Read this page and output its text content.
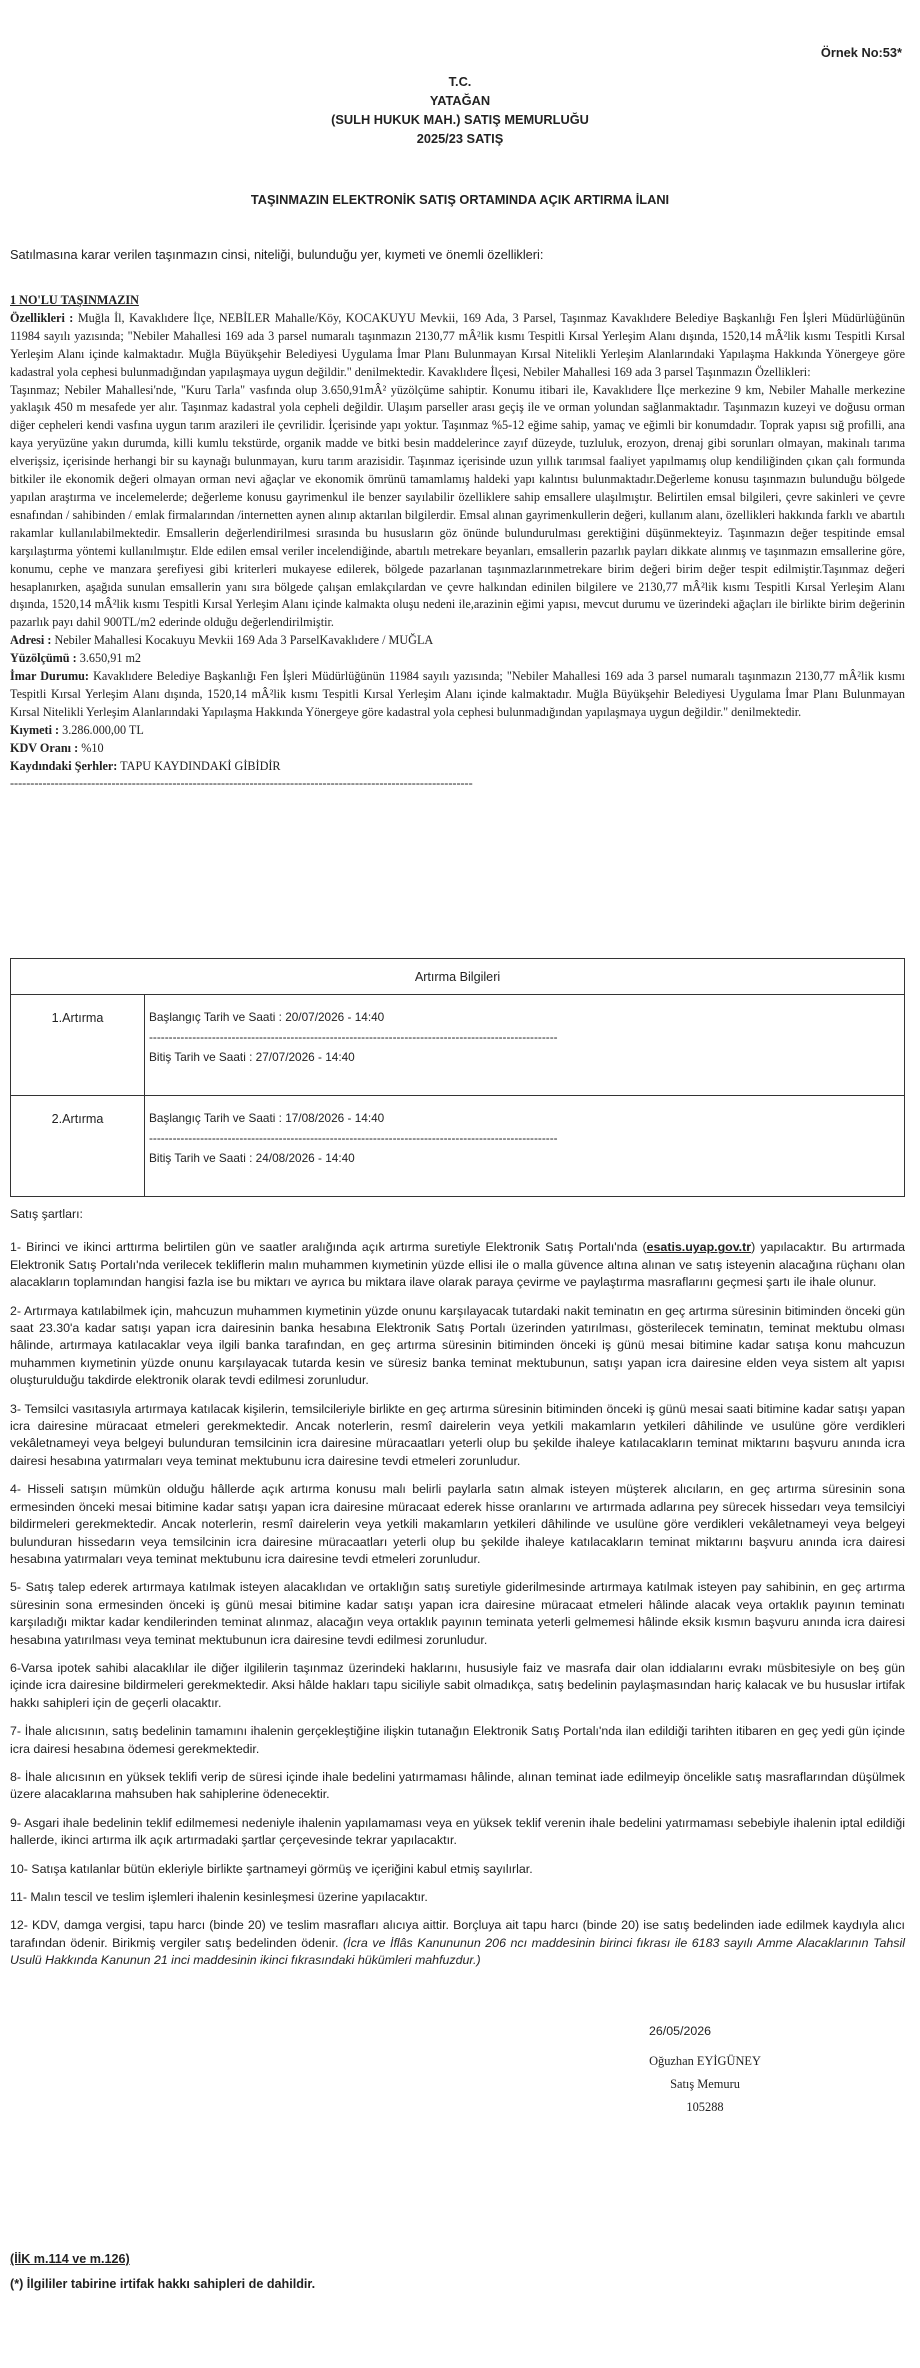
Örnek No:53*
T.C.
YATAĞAN
(SULH HUKUK MAH.) SATIŞ MEMURLUĞU
2025/23 SATIŞ
TAŞINMAZIN ELEKTRONİK SATIŞ ORTAMINDA AÇIK ARTIRMA İLANI
Satılmasına karar verilen taşınmazın cinsi, niteliği, bulunduğu yer, kıymeti ve önemli özellikleri:

1 NO'LU TAŞINMAZIN

Özellikleri : Muğla İl, Kavaklıdere İlçe, NEBİLER Mahalle/Köy, KOCAKUYU Mevkii, 169 Ada, 3 Parsel, Taşınmaz Kavaklıdere Belediye Başkanlığı Fen İşleri Müdürlüğünün 11984 sayılı yazısında; "Nebiler Mahallesi 169 ada 3 parsel numaralı taşınmazın 2130,77 mÂ²lik kısmı Tespitli Kırsal Yerleşim Alanı dışında, 1520,14 mÂ²lik kısmı Tespitli Kırsal Yerleşim Alanı içinde kalmaktadır. Muğla Büyükşehir Belediyesi Uygulama İmar Planı Bulunmayan Kırsal Nitelikli Yerleşim Alanlarındaki Yapılaşma Hakkında Yönergeye göre kadastral yola cephesi bulunmadığından yapılaşmaya uygun değildir." denilmektedir. Kavaklıdere İlçesi, Nebiler Mahallesi 169 ada 3 parsel Taşınmazın Özellikleri:

Taşınmaz; Nebiler Mahallesi'nde, "Kuru Tarla" vasfında olup 3.650,91mÂ² yüzölçüme sahiptir. Konumu itibari ile, Kavaklıdere İlçe merkezine 9 km, Nebiler Mahalle merkezine yaklaşık 450 m mesafede yer alır. Taşınmaz kadastral yola cepheli değildir. Ulaşım parseller arası geçiş ile ve orman yolundan sağlanmaktadır. Taşınmazın kuzeyi ve doğusu orman diğer cepheleri kendi vasfına uygun tarım arazileri ile çevrilidir. İçerisinde yapı yoktur. Taşınmaz %5-12 eğime sahip, yamaç ve eğimli bir konumdadır. Toprak yapısı sığ profilli, ana kaya yeryüzüne yakın durumda, killi kumlu tekstürde, organik madde ve bitki besin maddelerince zayıf düzeyde, tuzluluk, erozyon, drenaj gibi sorunları olmayan, makinalı tarıma elverişsiz, içerisinde herhangi bir su kaynağı bulunmayan, kuru tarım arazisidir. Taşınmaz içerisinde uzun yıllık tarımsal faaliyet yapılmamış olup kendiliğinden çıkan çalı formunda bitkiler ile ekonomik değeri olmayan orman nevi ağaçlar ve ekonomik ömrünü tamamlamış haldeki yapı kalıntısı bulunmaktadır.Değerleme konusu taşınmazın bulunduğu bölgede yapılan araştırma ve incelemelerde; değerleme konusu gayrimenkul ile benzer sayılabilir özelliklere sahip emsallere ulaşılmıştır. Belirtilen emsal bilgileri, çevre sakinleri ve çevre esnafından / sahibinden / emlak firmalarından /internetten aynen alınıp aktarılan bilgilerdir. Emsal alınan gayrimenkullerin değeri, kullanım alanı, özellikleri hakkında farklı ve abartılı rakamlar kullanılabilmektedir. Emsallerin değerlendirilmesi sırasında bu hususların göz önünde bulundurulması gerektiğini düşünmekteyiz. Taşınmazın değer tespitinde emsal karşılaştırma yöntemi kullanılmıştır. Elde edilen emsal veriler incelendiğinde, abartılı metrekare beyanları, emsallerin pazarlık payları dikkate alınmış ve taşınmazın emsallerine göre, konumu, cephe ve manzara şerefiyesi gibi kriterleri mukayese edilerek, bölgede pazarlanan taşınmazlarınmetrekare birim değeri birim değer tespit edilmiştir.Taşınmaz değeri hesaplanırken, aşağıda sunulan emsallerin yanı sıra bölgede çalışan emlakçılardan ve çevre halkından edinilen bilgilere ve 2130,77 mÂ²lik kısmı Tespitli Kırsal Yerleşim Alanı dışında, 1520,14 mÂ²lik kısmı Tespitli Kırsal Yerleşim Alanı içinde kalmakta oluşu nedeni ile,arazinin eğimi yapısı, mevcut durumu ve üzerindeki ağaçları ile birlikte birim değerinin pazarlık payı dahil 900TL/m2 ederinde olduğu değerlendirilmiştir.

Adresi : Nebiler Mahallesi Kocakuyu Mevkii 169 Ada 3 ParselKavaklıdere / MUĞLA

Yüzölçümü : 3.650,91 m2

İmar Durumu: Kavaklıdere Belediye Başkanlığı Fen İşleri Müdürlüğünün 11984 sayılı yazısında; "Nebiler Mahallesi 169 ada 3 parsel numaralı taşınmazın 2130,77 mÂ²lik kısmı Tespitli Kırsal Yerleşim Alanı dışında, 1520,14 mÂ²lik kısmı Tespitli Kırsal Yerleşim Alanı içinde kalmaktadır. Muğla Büyükşehir Belediyesi Uygulama İmar Planı Bulunmayan Kırsal Nitelikli Yerleşim Alanlarındaki Yapılaşma Hakkında Yönergeye göre kadastral yola cephesi bulunmadığından yapılaşmaya uygun değildir." denilmektedir.

Kıymeti : 3.286.000,00 TL

KDV Oranı : %10

Kaydındaki Şerhler: TAPU KAYDINDAKİ GİBİDİR

------------------------------------------------------------------------------------------------------------------

Artırma Bilgileri	
1.Artırma	Başlangıç Tarih ve Saati : 20/07/2026 - 14:40
--------------------------------------------------------------------------------------------------------
Bitiş Tarih ve Saati : 27/07/2026 - 14:40

2.Artırma	Başlangıç Tarih ve Saati : 17/08/2026 - 14:40
--------------------------------------------------------------------------------------------------------
Bitiş Tarih ve Saati : 24/08/2026 - 14:40

Satış şartları:

1- Birinci ve ikinci arttırma belirtilen gün ve saatler aralığında açık artırma suretiyle Elektronik Satış Portalı'nda (esatis.uyap.gov.tr) yapılacaktır. Bu artırmada Elektronik Satış Portalı'nda verilecek tekliflerin malın muhammen kıymetinin yüzde ellisi ile o malla güvence altına alınan ve satış isteyenin alacağına rüçhanı olan alacakların toplamından hangisi fazla ise bu miktarı ve ayrıca bu miktara ilave olarak paraya çevirme ve paylaştırma masraflarını geçmesi şartı ile ihale olunur.

2- Artırmaya katılabilmek için, mahcuzun muhammen kıymetinin yüzde onunu karşılayacak tutardaki nakit teminatın en geç artırma süresinin bitiminden önceki gün saat 23.30'a kadar satışı yapan icra dairesinin banka hesabına Elektronik Satış Portalı üzerinden yatırılması, gösterilecek teminatın, teminat mektubu olması hâlinde, artırmaya katılacaklar veya ilgili banka tarafından, en geç artırma süresinin bitiminden önceki iş günü mesai bitimine kadar satışa konu mahcuzun muhammen kıymetinin yüzde onunu karşılayacak tutarda kesin ve süresiz banka teminat mektubunun, satışı yapan icra dairesine elden veya sistem alt yapısı oluşturulduğu takdirde elektronik olarak tevdi edilmesi zorunludur.

3- Temsilci vasıtasıyla artırmaya katılacak kişilerin, temsilcileriyle birlikte en geç artırma süresinin bitiminden önceki iş günü mesai saati bitimine kadar satışı yapan icra dairesine müracaat etmeleri gerekmektedir. Ancak noterlerin, resmî dairelerin veya yetkili makamların yetkileri dâhilinde ve usulüne göre verdikleri vekâletnameyi veya belgeyi bulunduran temsilcinin icra dairesine müracaatları yeterli olup bu şekilde ihaleye katılacakların teminat miktarını başvuru anında icra dairesi hesabına yatırmaları veya teminat mektubunu icra dairesine tevdi etmeleri zorunludur.

4- Hisseli satışın mümkün olduğu hâllerde açık artırma konusu malı belirli paylarla satın almak isteyen müşterek alıcıların, en geç artırma süresinin sona ermesinden önceki mesai bitimine kadar satışı yapan icra dairesine müracaat ederek hisse oranlarını ve artırmada adlarına pey sürecek hissedarı veya temsilciyi bildirmeleri gerekmektedir. Ancak noterlerin, resmî dairelerin veya yetkili makamların yetkileri dâhilinde ve usulüne göre verdikleri vekâletnameyi veya belgeyi bulunduran hissedarın veya temsilcinin icra dairesine müracaatları yeterli olup bu şekilde ihaleye katılacakların teminat miktarını başvuru anında icra dairesi hesabına yatırmaları veya teminat mektubunu icra dairesine tevdi etmeleri zorunludur.

5- Satış talep ederek artırmaya katılmak isteyen alacaklıdan ve ortaklığın satış suretiyle giderilmesinde artırmaya katılmak isteyen pay sahibinin, en geç artırma süresinin sona ermesinden önceki iş günü mesai bitimine kadar satışı yapan icra dairesine müracaat etmeleri hâlinde alacak veya ortaklık payının teminatı karşıladığı miktar kadar kendilerinden teminat alınmaz, alacağın veya ortaklık payının teminata yeterli gelmemesi hâlinde eksik kısmın başvuru anında icra dairesi hesabına yatırılması veya teminat mektubunun icra dairesine tevdi edilmesi zorunludur.

6-Varsa ipotek sahibi alacaklılar ile diğer ilgililerin taşınmaz üzerindeki haklarını, hususiyle faiz ve masrafa dair olan iddialarını evrakı müsbitesiyle on beş gün içinde icra dairesine bildirmeleri gerekmektedir. Aksi hâlde hakları tapu siciliyle sabit olmadıkça, satış bedelinin paylaşmasından hariç kalacak ve bu hususlar irtifak hakkı sahipleri için de geçerli olacaktır.

7- İhale alıcısının, satış bedelinin tamamını ihalenin gerçekleştiğine ilişkin tutanağın Elektronik Satış Portalı'nda ilan edildiği tarihten itibaren en geç yedi gün içinde icra dairesi hesabına ödemesi gerekmektedir.

8- İhale alıcısının en yüksek teklifi verip de süresi içinde ihale bedelini yatırmaması hâlinde, alınan teminat iade edilmeyip öncelikle satış masraflarından düşülmek üzere alacaklarına mahsuben hak sahiplerine ödenecektir.

9- Asgari ihale bedelinin teklif edilmemesi nedeniyle ihalenin yapılamaması veya en yüksek teklif verenin ihale bedelini yatırmaması sebebiyle ihalenin iptal edildiği hallerde, ikinci artırma ilk açık artırmadaki şartlar çerçevesinde tekrar yapılacaktır.

10- Satışa katılanlar bütün ekleriyle birlikte şartnameyi görmüş ve içeriğini kabul etmiş sayılırlar.

11- Malın tescil ve teslim işlemleri ihalenin kesinleşmesi üzerine yapılacaktır.

12- KDV, damga vergisi, tapu harcı (binde 20) ve teslim masrafları alıcıya aittir. Borçluya ait tapu harcı (binde 20) ise satış bedelinden iade edilmek kaydıyla alıcı tarafından ödenir. Birikmiş vergiler satış bedelinden ödenir. (İcra ve İflâs Kanununun 206 ncı maddesinin birinci fıkrası ile 6183 sayılı Amme Alacaklarının Tahsil Usulü Hakkında Kanunun 21 inci maddesinin ikinci fıkrasındaki hükümleri mahfuzdur.)

26/05/2026
Oğuzhan EYİGÜNEY
Satış Memuru
105288
(İİK m.114 ve m.126)
(*) İlgililer tabirine irtifak hakkı sahipleri de dahildir.
